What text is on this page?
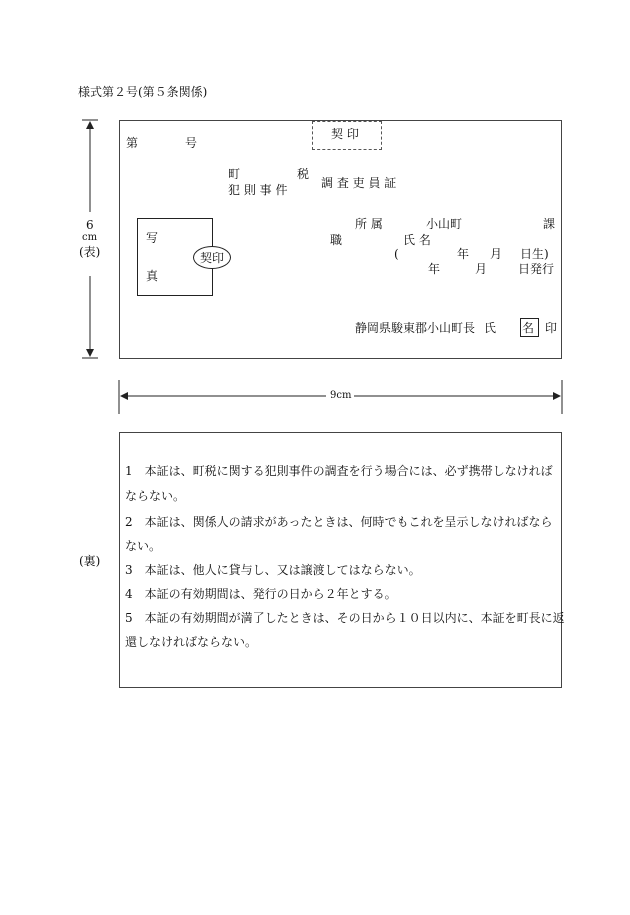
様式第２号(第５条関係)
6
cm
(表)
第	号
契 印
町	税
犯 則 事 件	調 査 吏 員 証
写
真
契印
所 属	小山町	課
職	氏 名
(	年 月 日生)
年	月	日発行
静岡県駿東郡小山町長 氏 名 印
9cm
(裏)
1　本証は、町税に関する犯則事件の調査を行う場合には、必ず携帯しなければ
ならない。
2　本証は、関係人の請求があったときは、何時でもこれを呈示しなければなら
ない。
3　本証は、他人に貸与し、又は譲渡してはならない。
4　本証の有効期間は、発行の日から２年とする。
5　本証の有効期間が満了したときは、その日から１０日以内に、本証を町長に返
還しなければならない。
